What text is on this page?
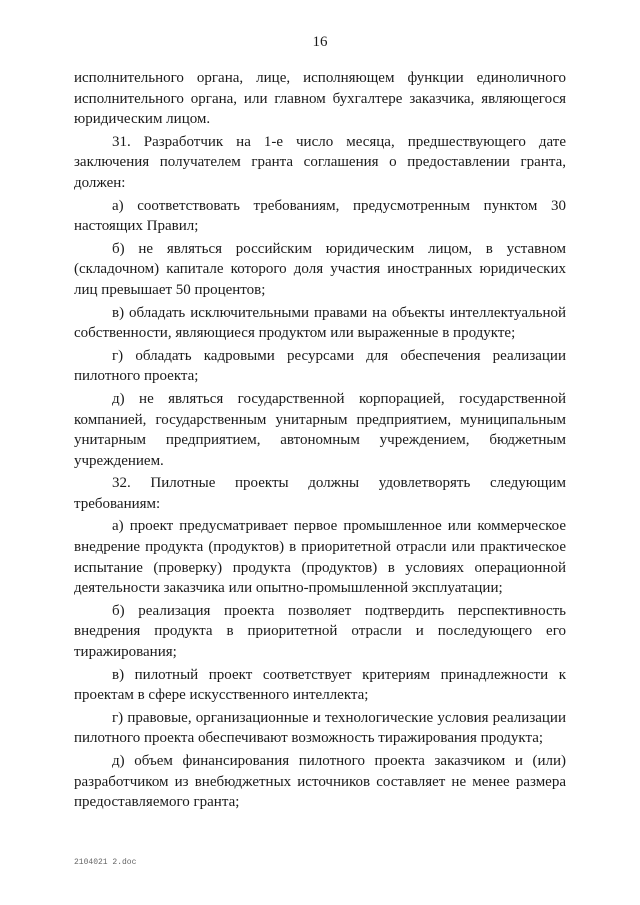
16

исполнительного органа, лице, исполняющем функции единоличного исполнительного органа, или главном бухгалтере заказчика, являющегося юридическим лицом.

31. Разработчик на 1-е число месяца, предшествующего дате заключения получателем гранта соглашения о предоставлении гранта, должен:

а) соответствовать требованиям, предусмотренным пунктом 30 настоящих Правил;

б) не являться российским юридическим лицом, в уставном (складочном) капитале которого доля участия иностранных юридических лиц превышает 50 процентов;

в) обладать исключительными правами на объекты интеллектуальной собственности, являющиеся продуктом или выраженные в продукте;

г) обладать кадровыми ресурсами для обеспечения реализации пилотного проекта;

д) не являться государственной корпорацией, государственной компанией, государственным унитарным предприятием, муниципальным унитарным предприятием, автономным учреждением, бюджетным учреждением.

32. Пилотные проекты должны удовлетворять следующим требованиям:

а) проект предусматривает первое промышленное или коммерческое внедрение продукта (продуктов) в приоритетной отрасли или практическое испытание (проверку) продукта (продуктов) в условиях операционной деятельности заказчика или опытно-промышленной эксплуатации;

б) реализация проекта позволяет подтвердить перспективность внедрения продукта в приоритетной отрасли и последующего его тиражирования;

в) пилотный проект соответствует критериям принадлежности к проектам в сфере искусственного интеллекта;

г) правовые, организационные и технологические условия реализации пилотного проекта обеспечивают возможность тиражирования продукта;

д) объем финансирования пилотного проекта заказчиком и (или) разработчиком из внебюджетных источников составляет не менее размера предоставляемого гранта;

2104021 2.doc
